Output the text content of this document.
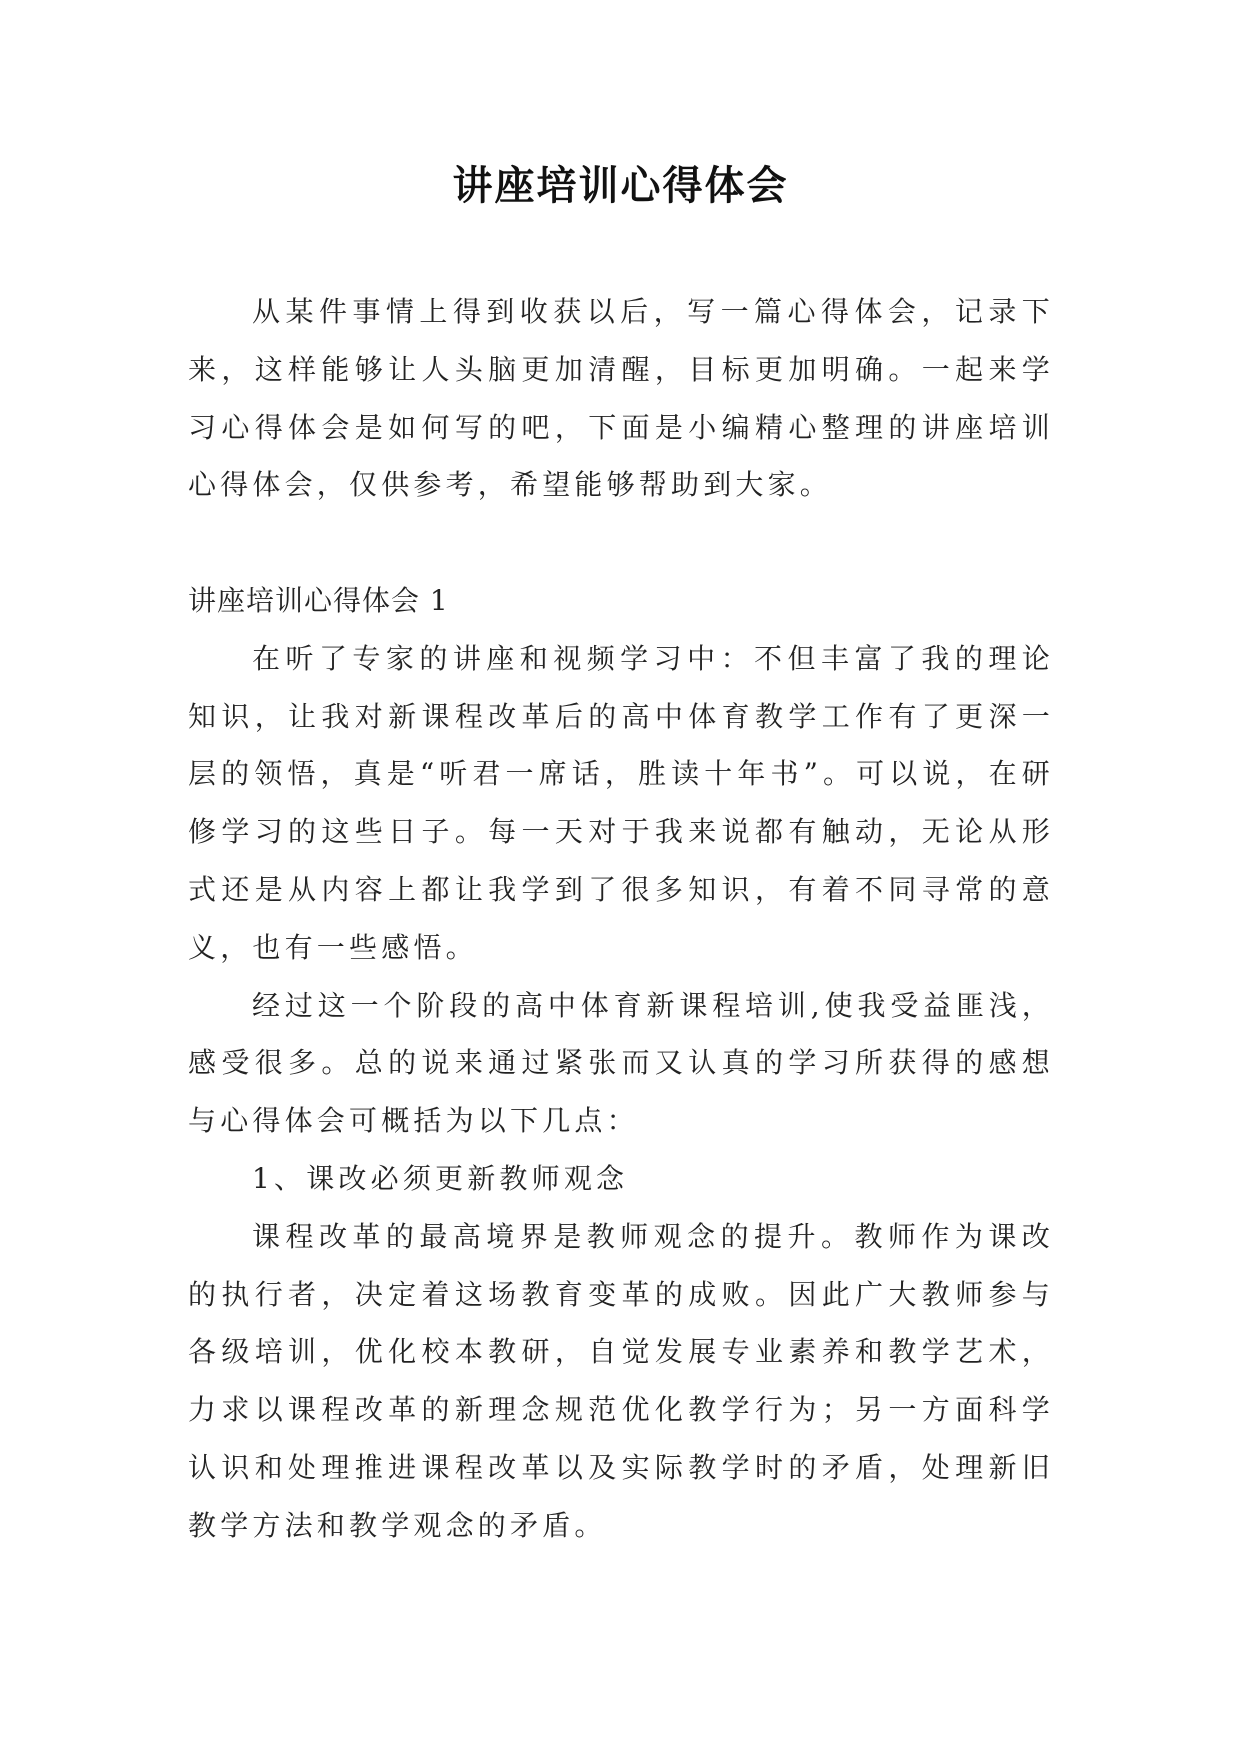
讲座培训心得体会

从某件事情上得到收获以后，写一篇心得体会，记录下来，这样能够让人头脑更加清醒，目标更加明确。一起来学习心得体会是如何写的吧，下面是小编精心整理的讲座培训心得体会，仅供参考，希望能够帮助到大家。

讲座培训心得体会 1

在听了专家的讲座和视频学习中：不但丰富了我的理论知识，让我对新课程改革后的高中体育教学工作有了更深一层的领悟，真是“听君一席话，胜读十年书”。可以说，在研修学习的这些日子。每一天对于我来说都有触动，无论从形式还是从内容上都让我学到了很多知识，有着不同寻常的意义，也有一些感悟。

经过这一个阶段的高中体育新课程培训,使我受益匪浅，感受很多。总的说来通过紧张而又认真的学习所获得的感想与心得体会可概括为以下几点：

1、课改必须更新教师观念

课程改革的最高境界是教师观念的提升。教师作为课改的执行者，决定着这场教育变革的成败。因此广大教师参与各级培训，优化校本教研，自觉发展专业素养和教学艺术，力求以课程改革的新理念规范优化教学行为；另一方面科学认识和处理推进课程改革以及实际教学时的矛盾，处理新旧教学方法和教学观念的矛盾。
